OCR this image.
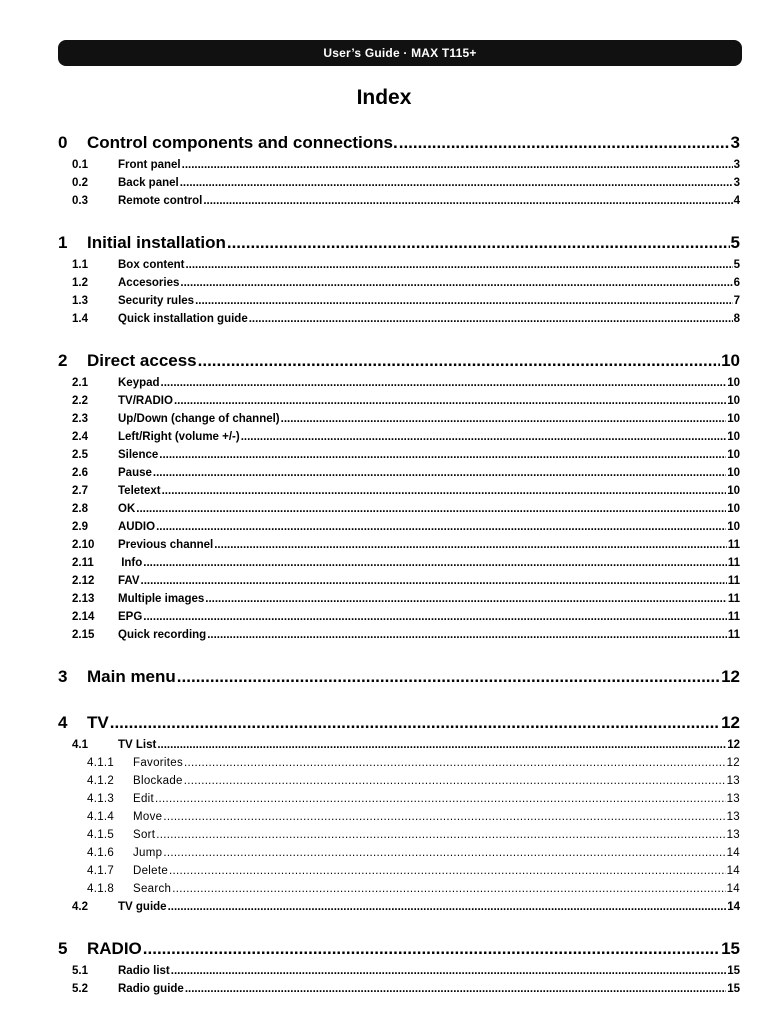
User’s Guide · MAX T115+
Index
0 Control components and connections. .....	3
0.1	Front panel .....	3
0.2	Back panel .....	3
0.3	Remote control .....	4
1 Initial installation .....	5
1.1	Box content .....	5
1.2	Accesories .....	6
1.3	Security rules .....	7
1.4	Quick installation guide .....	8
2 Direct access .....	10
2.1	Keypad .....	10
2.2	TV/RADIO .....	10
2.3	Up/Down (change of channel) .....	10
2.4	Left/Right (volume +/-) .....	10
2.5	Silence .....	10
2.6	Pause .....	10
2.7	Teletext .....	10
2.8	OK .....	10
2.9	AUDIO .....	10
2.10 Previous channel .....	11
2.11 Info .....	11
2.12 FAV .....	11
2.13 Multiple images .....	11
2.14 EPG .....	11
2.15 Quick recording .....	11
3 Main menu .....	12
4 TV .....	12
4.1	TV List .....	12
4.1.1 Favorites .....	12
4.1.2 Blockade .....	13
4.1.3 Edit .....	13
4.1.4 Move .....	13
4.1.5 Sort .....	13
4.1.6 Jump .....	14
4.1.7 Delete .....	14
4.1.8 Search .....	14
4.2	TV guide .....	14
5 RADIO .....	15
5.1	Radio list .....	15
5.2	Radio guide .....	15
